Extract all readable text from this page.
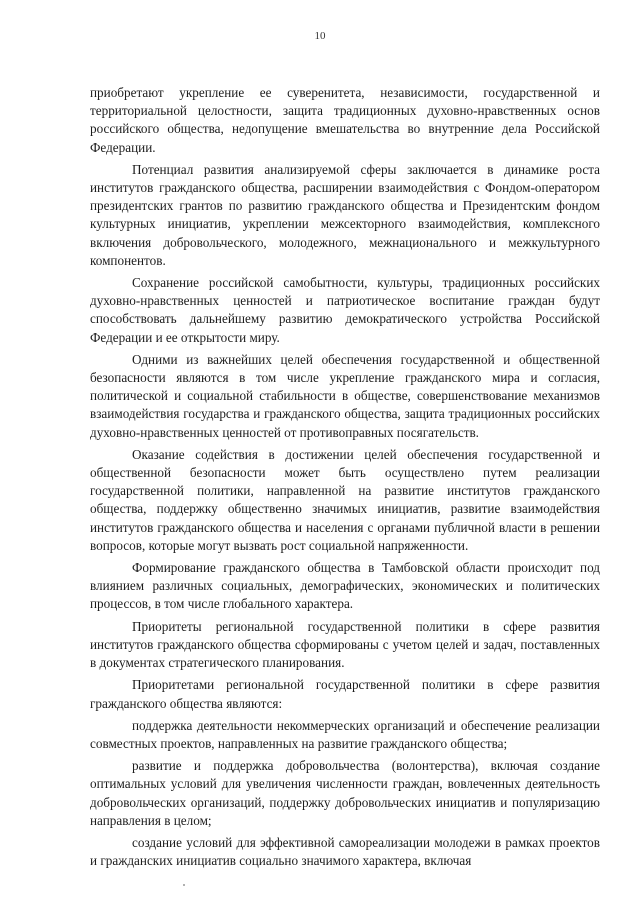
10

приобретают укрепление ее суверенитета, независимости, государственной и территориальной целостности, защита традиционных духовно-нравственных основ российского общества, недопущение вмешательства во внутренние дела Российской Федерации.

Потенциал развития анализируемой сферы заключается в динамике роста институтов гражданского общества, расширении взаимодействия с Фондом-оператором президентских грантов по развитию гражданского общества и Президентским фондом культурных инициатив, укреплении межсекторного взаимодействия, комплексного включения добровольческого, молодежного, межнационального и межкультурного компонентов.

Сохранение российской самобытности, культуры, традиционных российских духовно-нравственных ценностей и патриотическое воспитание граждан будут способствовать дальнейшему развитию демократического устройства Российской Федерации и ее открытости миру.

Одними из важнейших целей обеспечения государственной и общественной безопасности являются в том числе укрепление гражданского мира и согласия, политической и социальной стабильности в обществе, совершенствование механизмов взаимодействия государства и гражданского общества, защита традиционных российских духовно-нравственных ценностей от противоправных посягательств.

Оказание содействия в достижении целей обеспечения государственной и общественной безопасности может быть осуществлено путем реализации государственной политики, направленной на развитие институтов гражданского общества, поддержку общественно значимых инициатив, развитие взаимодействия институтов гражданского общества и населения с органами публичной власти в решении вопросов, которые могут вызвать рост социальной напряженности.

Формирование гражданского общества в Тамбовской области происходит под влиянием различных социальных, демографических, экономических и политических процессов, в том числе глобального характера.

Приоритеты региональной государственной политики в сфере развития институтов гражданского общества сформированы с учетом целей и задач, поставленных в документах стратегического планирования.

Приоритетами региональной государственной политики в сфере развития гражданского общества являются:

поддержка деятельности некоммерческих организаций и обеспечение реализации совместных проектов, направленных на развитие гражданского общества;

развитие и поддержка добровольчества (волонтерства), включая создание оптимальных условий для увеличения численности граждан, вовлеченных деятельность добровольческих организаций, поддержку добровольческих инициатив и популяризацию направления в целом;

создание условий для эффективной самореализации молодежи в рамках проектов и гражданских инициатив социально значимого характера, включая
